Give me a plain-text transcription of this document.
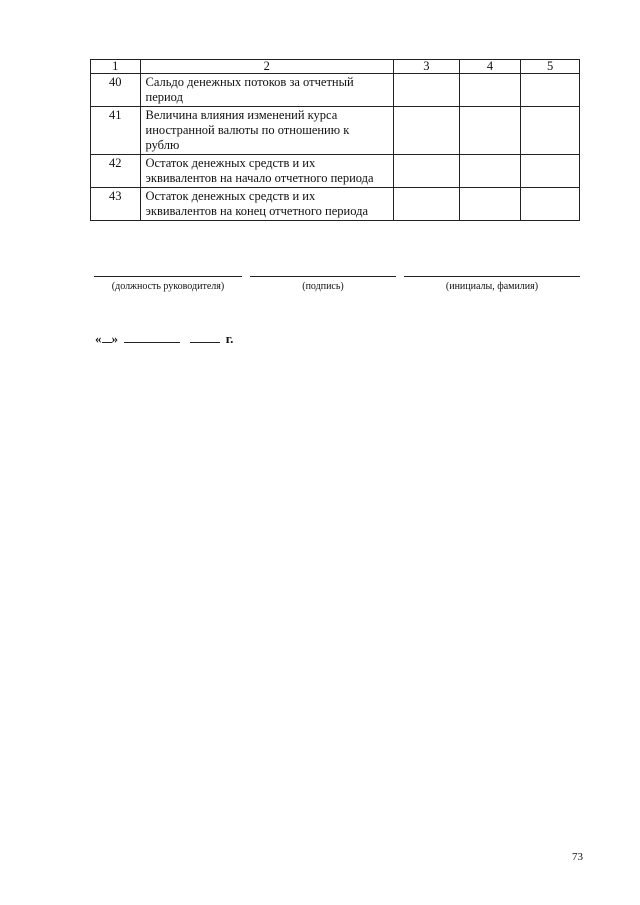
1	2	3	4	5
40	Сальдо денежных потоков за отчетный
период			

41	Величина влияния изменений курса
иностранной валюты по отношению к
рублю			

42	Остаток денежных средств и их
эквивалентов на начало отчетного периода			

43	Остаток денежных средств и их
эквивалентов на конец отчетного периода			

(должность руководителя)	(подпись)	(инициалы, фамилия)
« »	г.
73
